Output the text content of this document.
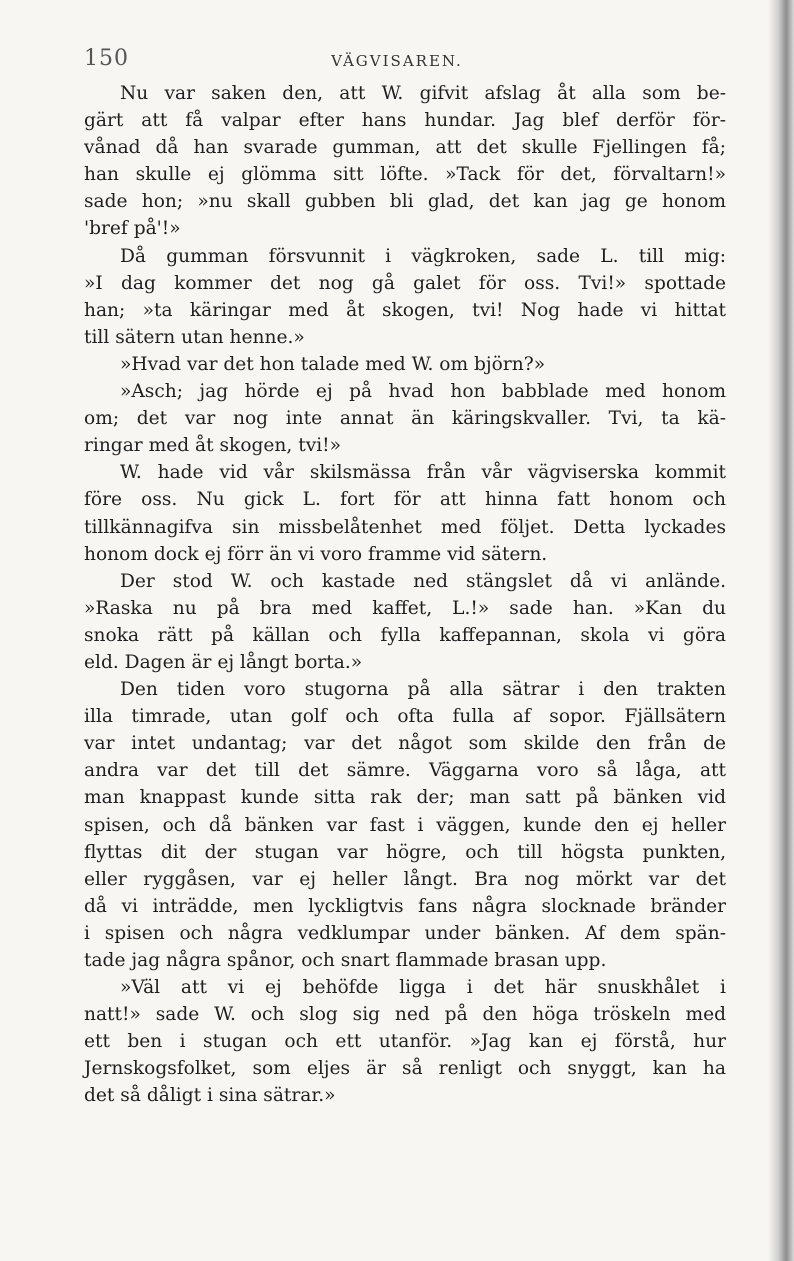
150	VÄGVISAREN.
Nu var saken den, att W. gifvit afslag åt alla som be-
gärt att få valpar efter hans hundar. Jag blef derför för-
vånad då han svarade gumman, att det skulle Fjellingen få;
han skulle ej glömma sitt löfte. »Tack för det, förvaltarn!»
sade hon; »nu skall gubben bli glad, det kan jag ge honom
'bref på'!»
Då gumman försvunnit i vägkroken, sade L. till mig:
»I dag kommer det nog gå galet för oss. Tvi!» spottade
han; »ta käringar med åt skogen, tvi! Nog hade vi hittat
till sätern utan henne.»
»Hvad var det hon talade med W. om björn?»
»Asch; jag hörde ej på hvad hon babblade med honom
om; det var nog inte annat än käringskvaller. Tvi, ta kä-
ringar med åt skogen, tvi!»
W. hade vid vår skilsmässa från vår vägviserska kommit
före oss. Nu gick L. fort för att hinna fatt honom och
tillkännagifva sin missbelåtenhet med följet. Detta lyckades
honom dock ej förr än vi voro framme vid sätern.
Der stod W. och kastade ned stängslet då vi anlände.
»Raska nu på bra med kaffet, L.!» sade han. »Kan du
snoka rätt på källan och fylla kaffepannan, skola vi göra
eld. Dagen är ej långt borta.»
Den tiden voro stugorna på alla sätrar i den trakten
illa timrade, utan golf och ofta fulla af sopor. Fjällsätern
var intet undantag; var det något som skilde den från de
andra var det till det sämre. Väggarna voro så låga, att
man knappast kunde sitta rak der; man satt på bänken vid
spisen, och då bänken var fast i väggen, kunde den ej heller
flyttas dit der stugan var högre, och till högsta punkten,
eller ryggåsen, var ej heller långt. Bra nog mörkt var det
då vi inträdde, men lyckligtvis fans några slocknade bränder
i spisen och några vedklumpar under bänken. Af dem spän-
tade jag några spånor, och snart flammade brasan upp.
»Väl att vi ej behöfde ligga i det här snuskhålet i
natt!» sade W. och slog sig ned på den höga tröskeln med
ett ben i stugan och ett utanför. »Jag kan ej förstå, hur
Jernskogsfolket, som eljes är så renligt och snyggt, kan ha
det så dåligt i sina sätrar.»
